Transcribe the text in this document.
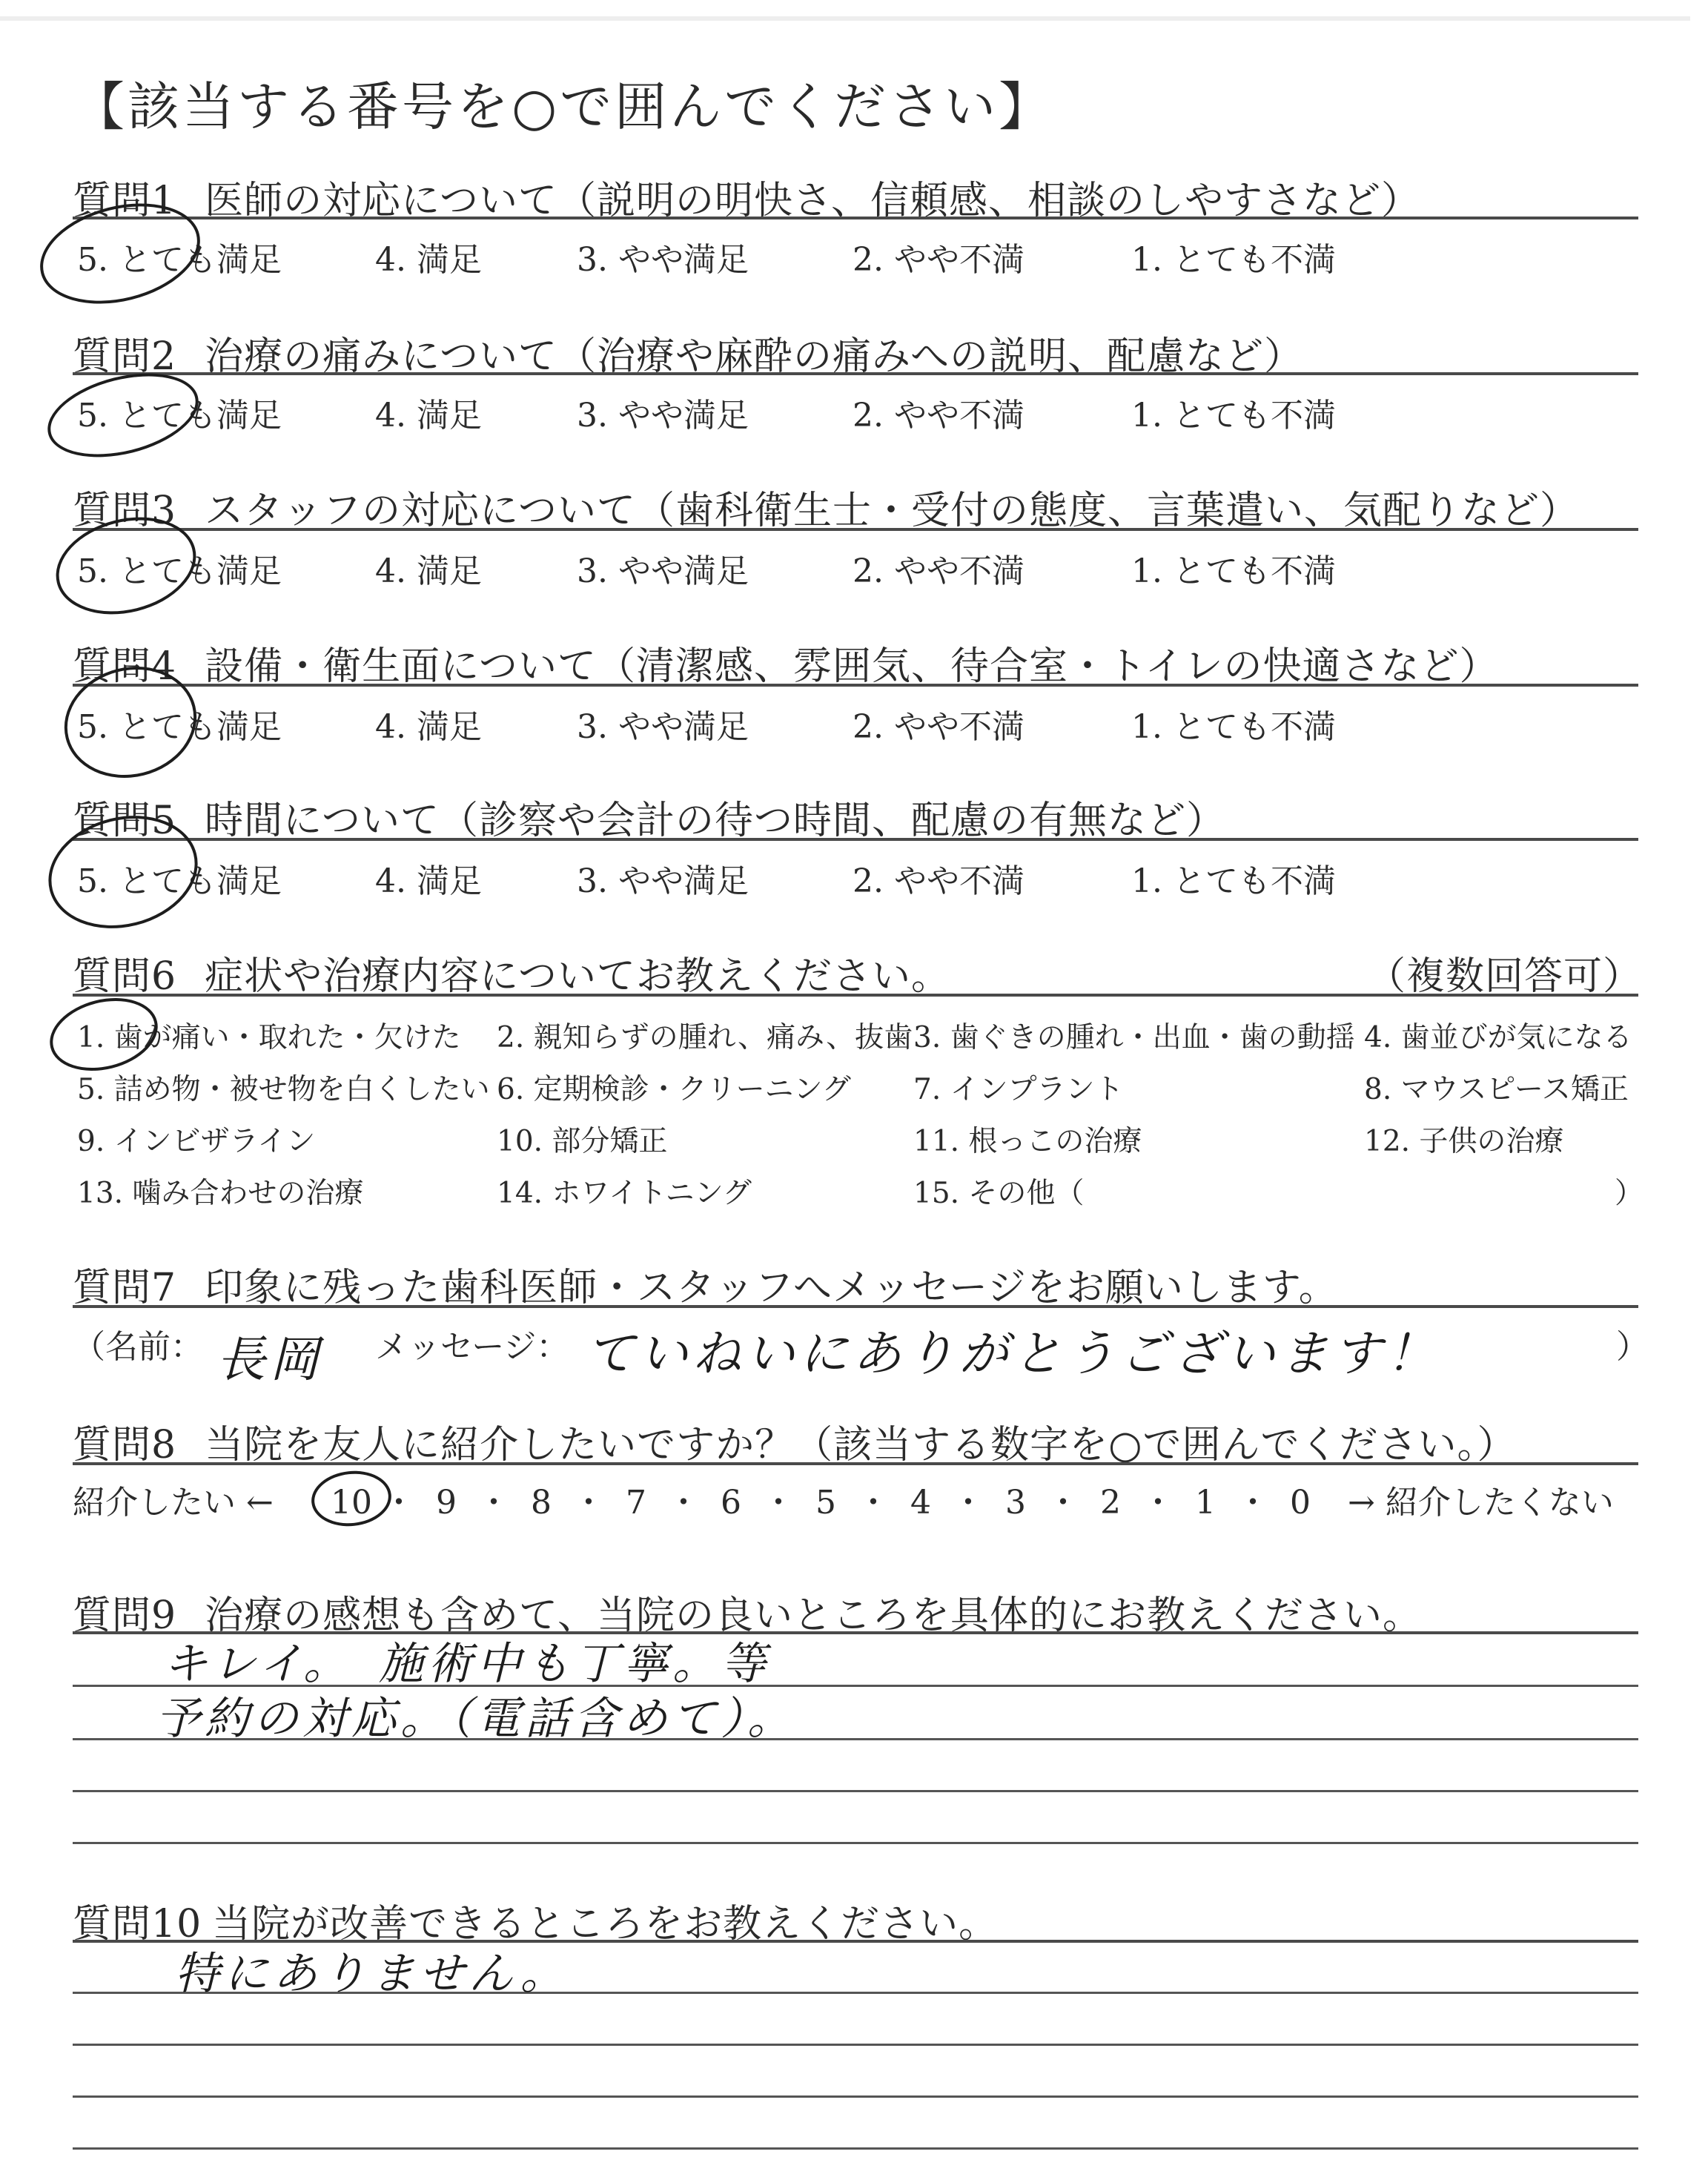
【該当する番号を○で囲んでください】
質問1 医師の対応について（説明の明快さ、信頼感、相談のしやすさなど）
5. とても満足	4. 満足	3. やや満足	2. やや不満	1. とても不満
質問2 治療の痛みについて（治療や麻酔の痛みへの説明、配慮など）
5. とても満足	4. 満足	3. やや満足	2. やや不満	1. とても不満
質問3 スタッフの対応について（歯科衛生士・受付の態度、言葉遣い、気配りなど）
5. とても満足	4. 満足	3. やや満足	2. やや不満	1. とても不満
質問4 設備・衛生面について（清潔感、雰囲気、待合室・トイレの快適さなど）
5. とても満足	4. 満足	3. やや満足	2. やや不満	1. とても不満
質問5 時間について（診察や会計の待つ時間、配慮の有無など）
5. とても満足	4. 満足	3. やや満足	2. やや不満	1. とても不満
質問6 症状や治療内容についてお教えください。	（複数回答可）
1. 歯が痛い・取れた・欠けた 2. 親知らずの腫れ、痛み、抜歯 3. 歯ぐきの腫れ・出血・歯の動揺 4. 歯並びが気になる
5. 詰め物・被せ物を白くしたい 6. 定期検診・クリーニング 7. インプラント	8. マウスピース矯正
9. インビザライン	10. 部分矯正	11. 根っこの治療	12. 子供の治療
13. 噛み合わせの治療	14. ホワイトニング	15. その他（	）
質問7 印象に残った歯科医師・スタッフへメッセージをお願いします。
（名前： 長岡 メッセージ： ていねいにありがとうございます！	）
質問8 当院を友人に紹介したいですか？（該当する数字を○で囲んでください。）
紹介したい ← 10 ・ 9 ・ 8 ・ 7 ・ 6 ・ 5 ・ 4 ・ 3 ・ 2 ・ 1 ・ 0	→ 紹介したくない
質問9 治療の感想も含めて、当院の良いところを具体的にお教えください。
キレイ。　施術中も丁寧。等
予約の対応。（電話含めて）。
質問10 当院が改善できるところをお教えください。
特にありません。
